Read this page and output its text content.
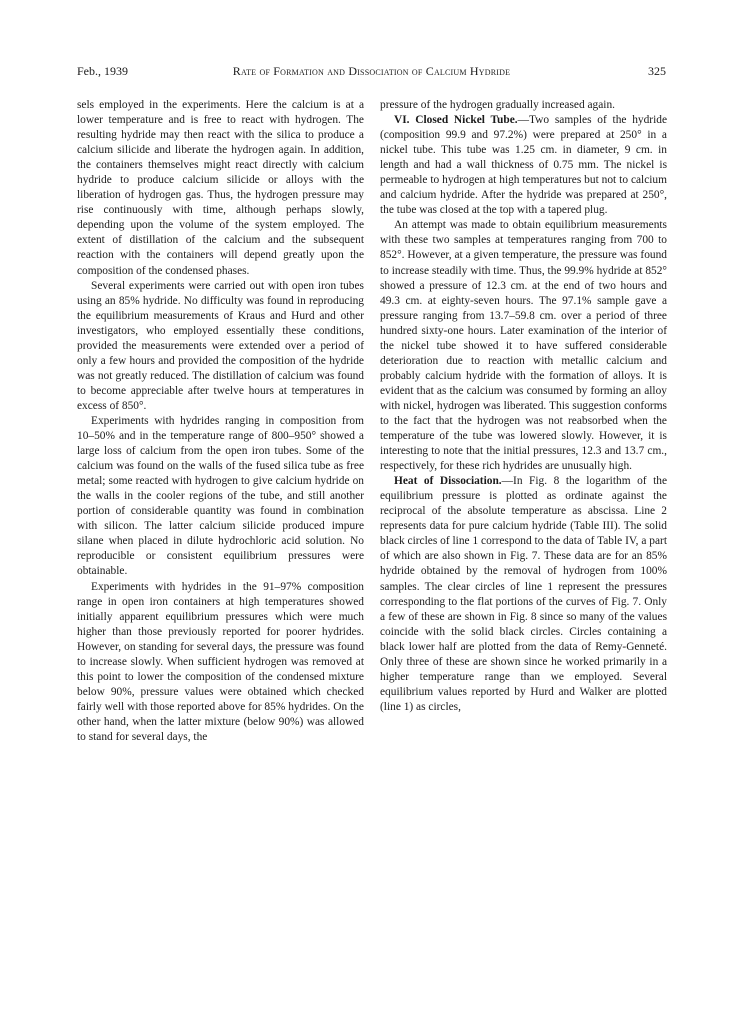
Feb., 1939	Rate of Formation and Dissociation of Calcium Hydride	325

sels employed in the experiments. Here the calcium is at a lower temperature and is free to react with hydrogen. The resulting hydride may then react with the silica to produce a calcium silicide and liberate the hydrogen again. In addition, the containers themselves might react directly with calcium hydride to produce calcium silicide or alloys with the liberation of hydrogen gas. Thus, the hydrogen pressure may rise continuously with time, although perhaps slowly, depending upon the volume of the system employed. The extent of distillation of the calcium and the subsequent reaction with the containers will depend greatly upon the composition of the condensed phases.

Several experiments were carried out with open iron tubes using an 85% hydride. No difficulty was found in reproducing the equilibrium measurements of Kraus and Hurd and other investigators, who employed essentially these conditions, provided the measurements were extended over a period of only a few hours and provided the composition of the hydride was not greatly reduced. The distillation of calcium was found to become appreciable after twelve hours at temperatures in excess of 850°.

Experiments with hydrides ranging in composition from 10–50% and in the temperature range of 800–950° showed a large loss of calcium from the open iron tubes. Some of the calcium was found on the walls of the fused silica tube as free metal; some reacted with hydrogen to give calcium hydride on the walls in the cooler regions of the tube, and still another portion of considerable quantity was found in combination with silicon. The latter calcium silicide produced impure silane when placed in dilute hydrochloric acid solution. No reproducible or consistent equilibrium pressures were obtainable.

Experiments with hydrides in the 91–97% composition range in open iron containers at high temperatures showed initially apparent equilibrium pressures which were much higher than those previously reported for poorer hydrides. However, on standing for several days, the pressure was found to increase slowly. When sufficient hydrogen was removed at this point to lower the composition of the condensed mixture below 90%, pressure values were obtained which checked fairly well with those reported above for 85% hydrides. On the other hand, when the latter mixture (below 90%) was allowed to stand for several days, the

pressure of the hydrogen gradually increased again.

VI. Closed Nickel Tube.—Two samples of the hydride (composition 99.9 and 97.2%) were prepared at 250° in a nickel tube. This tube was 1.25 cm. in diameter, 9 cm. in length and had a wall thickness of 0.75 mm. The nickel is permeable to hydrogen at high temperatures but not to calcium and calcium hydride. After the hydride was prepared at 250°, the tube was closed at the top with a tapered plug.

An attempt was made to obtain equilibrium measurements with these two samples at temperatures ranging from 700 to 852°. However, at a given temperature, the pressure was found to increase steadily with time. Thus, the 99.9% hydride at 852° showed a pressure of 12.3 cm. at the end of two hours and 49.3 cm. at eighty-seven hours. The 97.1% sample gave a pressure ranging from 13.7–59.8 cm. over a period of three hundred sixty-one hours. Later examination of the interior of the nickel tube showed it to have suffered considerable deterioration due to reaction with metallic calcium and probably calcium hydride with the formation of alloys. It is evident that as the calcium was consumed by forming an alloy with nickel, hydrogen was liberated. This suggestion conforms to the fact that the hydrogen was not reabsorbed when the temperature of the tube was lowered slowly. However, it is interesting to note that the initial pressures, 12.3 and 13.7 cm., respectively, for these rich hydrides are unusually high.

Heat of Dissociation.—In Fig. 8 the logarithm of the equilibrium pressure is plotted as ordinate against the reciprocal of the absolute temperature as abscissa. Line 2 represents data for pure calcium hydride (Table III). The solid black circles of line 1 correspond to the data of Table IV, a part of which are also shown in Fig. 7. These data are for an 85% hydride obtained by the removal of hydrogen from 100% samples. The clear circles of line 1 represent the pressures corresponding to the flat portions of the curves of Fig. 7. Only a few of these are shown in Fig. 8 since so many of the values coincide with the solid black circles. Circles containing a black lower half are plotted from the data of Remy-Genneté. Only three of these are shown since he worked primarily in a higher temperature range than we employed. Several equilibrium values reported by Hurd and Walker are plotted (line 1) as circles,
